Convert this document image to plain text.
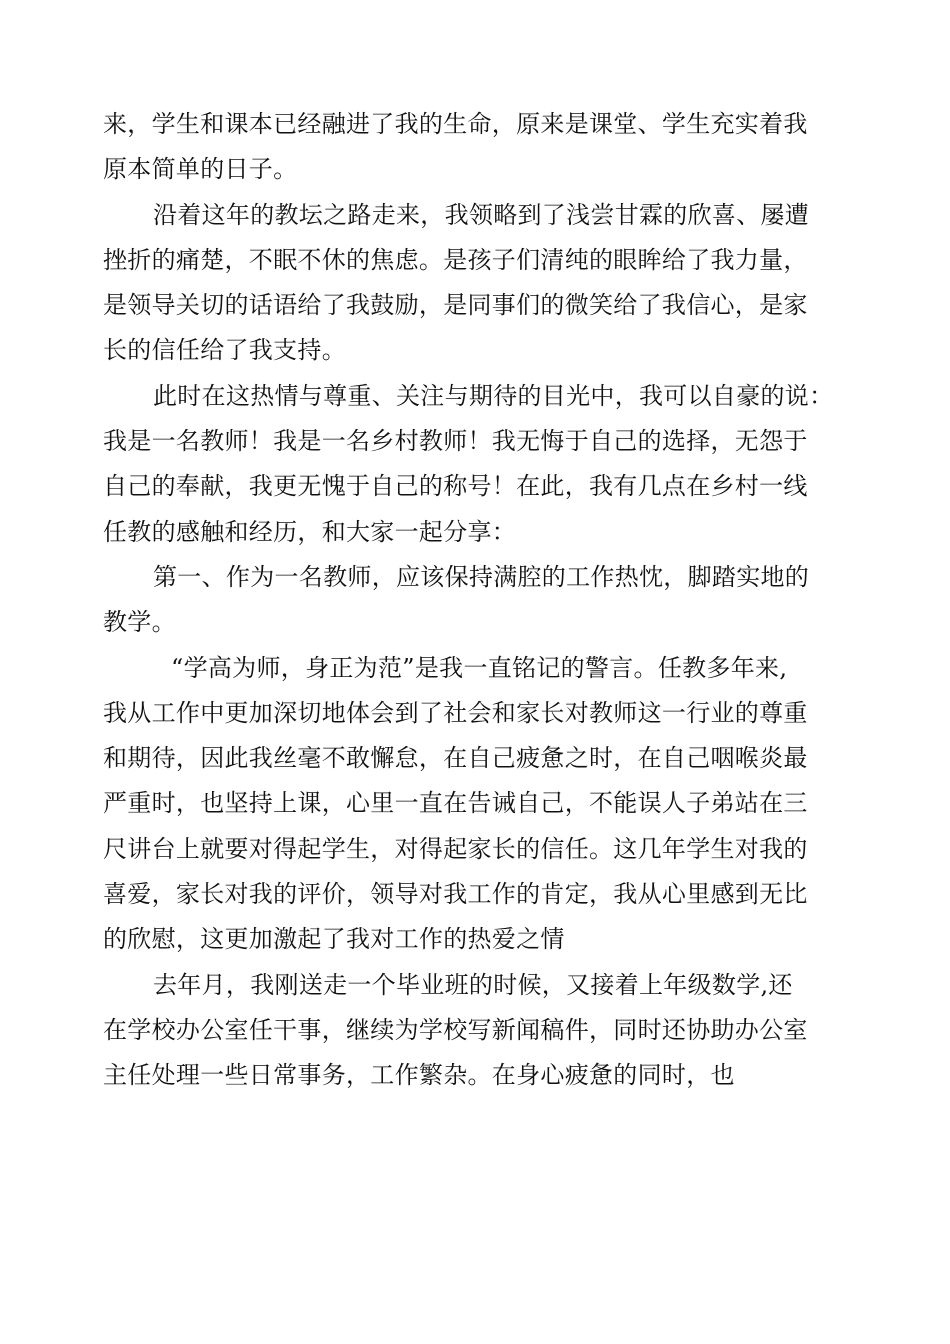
来，学生和课本已经融进了我的生命，原来是课堂、学生充实着我
原本简单的日子。
沿着这年的教坛之路走来，我领略到了浅尝甘霖的欣喜、屡遭
挫折的痛楚，不眠不休的焦虑。是孩子们清纯的眼眸给了我力量，
是领导关切的话语给了我鼓励，是同事们的微笑给了我信心，是家
长的信任给了我支持。
此时在这热情与尊重、关注与期待的目光中，我可以自豪的说：
我是一名教师！我是一名乡村教师！我无悔于自己的选择，无怨于
自己的奉献，我更无愧于自己的称号！在此，我有几点在乡村一线
任教的感触和经历，和大家一起分享：
第一、作为一名教师，应该保持满腔的工作热忱，脚踏实地的
教学。
“学高为师，身正为范”是我一直铭记的警言。任教多年来,
我从工作中更加深切地体会到了社会和家长对教师这一行业的尊重
和期待，因此我丝毫不敢懈怠，在自己疲惫之时，在自己咽喉炎最
严重时，也坚持上课，心里一直在告诫自己，不能误人子弟站在三
尺讲台上就要对得起学生，对得起家长的信任。这几年学生对我的
喜爱，家长对我的评价，领导对我工作的肯定，我从心里感到无比
的欣慰，这更加激起了我对工作的热爱之情
去年月，我刚送走一个毕业班的时候，又接着上年级数学,还
在学校办公室任干事，继续为学校写新闻稿件，同时还协助办公室
主任处理一些日常事务，工作繁杂。在身心疲惫的同时，也
